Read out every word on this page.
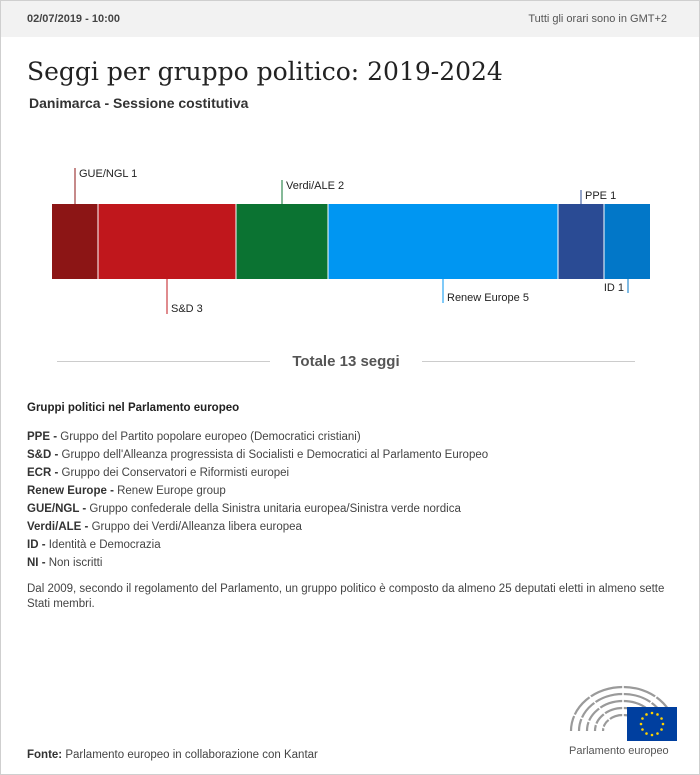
02/07/2019 - 10:00	Tutti gli orari sono in GMT+2
Seggi per gruppo politico: 2019-2024
Danimarca - Sessione costitutiva
GUE/NGL 1
S&D 3
Verdi/ALE 2
Renew Europe 5
PPE 1
ID 1
Totale 13 seggi
Gruppi politici nel Parlamento europeo
PPE - Gruppo del Partito popolare europeo (Democratici cristiani)
S&D - Gruppo dell'Alleanza progressista di Socialisti e Democratici al Parlamento Europeo
ECR - Gruppo dei Conservatori e Riformisti europei
Renew Europe - Renew Europe group
GUE/NGL - Gruppo confederale della Sinistra unitaria europea/Sinistra verde nordica
Verdi/ALE - Gruppo dei Verdi/Alleanza libera europea
ID - Identità e Democrazia
NI - Non iscritti
Dal 2009, secondo il regolamento del Parlamento, un gruppo politico è composto da almeno 25 deputati eletti in almeno sette Stati membri.
Fonte: Parlamento europeo in collaborazione con Kantar	Parlamento europeo
